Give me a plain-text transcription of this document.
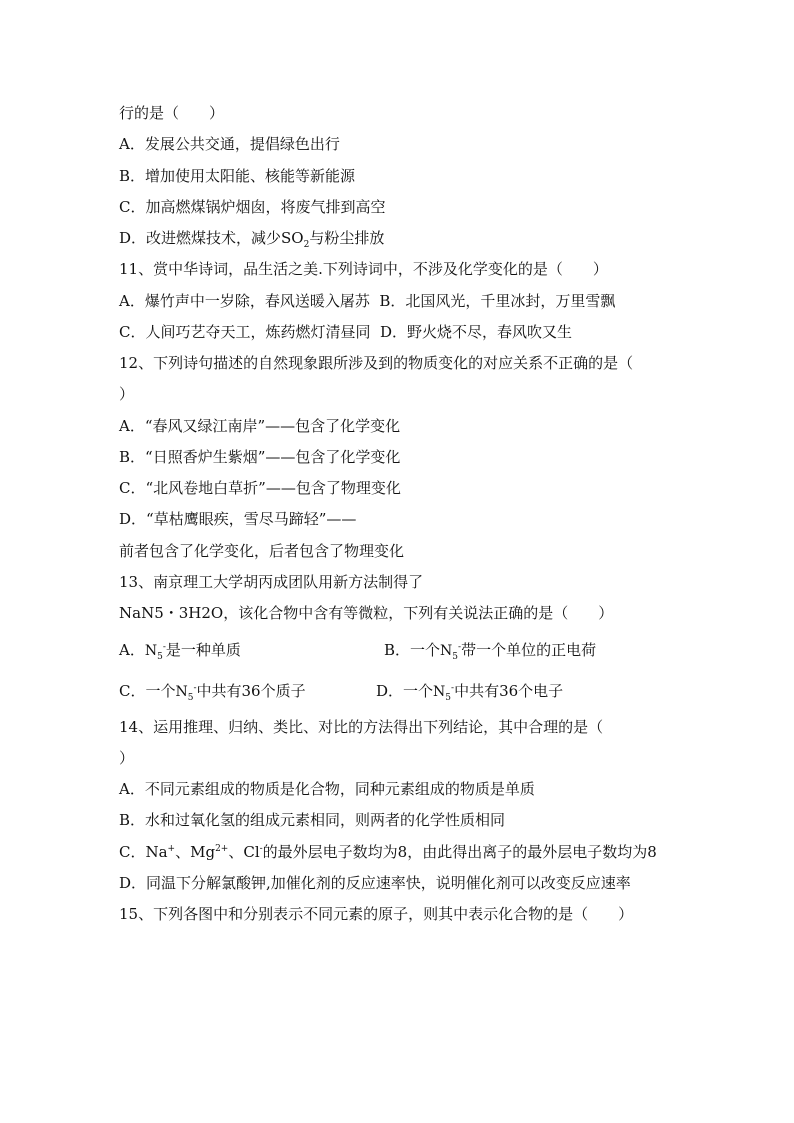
行的是（　　）
A．发展公共交通，提倡绿色出行
B．增加使用太阳能、核能等新能源
C．加高燃煤锅炉烟囱，将废气排到高空
D．改进燃煤技术，减少$SO_2$与粉尘排放
11、赏中华诗词，品生活之美.下列诗词中，不涉及化学变化的是（　　）
A．爆竹声中一岁除，春风送暖入屠苏  B．北国风光，千里冰封，万里雪飘
C．人间巧艺夺天工，炼药燃灯清昼同  D．野火烧不尽，春风吹又生
12、下列诗句描述的自然现象跟所涉及到的物质变化的对应关系不正确的是（
）
A．“春风又绿江南岸”——包含了化学变化
B．“日照香炉生紫烟”——包含了化学变化
C．“北风卷地白草折”——包含了物理变化
D．“草枯鹰眼疾，雪尽马蹄轻”——
前者包含了化学变化，后者包含了物理变化
13、南京理工大学胡丙成团队用新方法制得了
NaN5・3H2O，该化合物中含有等微粒，下列有关说法正确的是（　　）
A．$N_5^-$是一种单质	B．一个$N_5^-$带一个单位的正电荷
C．一个$N_5^-$中共有36个质子	D．一个$N_5^-$中共有36个电子
14、运用推理、归纳、类比、对比的方法得出下列结论，其中合理的是（
）
A．不同元素组成的物质是化合物，同种元素组成的物质是单质
B．水和过氧化氢的组成元素相同，则两者的化学性质相同
C．Na+、$Mg^{2+}$、Cl-的最外层电子数均为8，由此得出离子的最外层电子数均为8
D．同温下分解氯酸钾,加催化剂的反应速率快，说明催化剂可以改变反应速率
15、下列各图中和分别表示不同元素的原子，则其中表示化合物的是（　　）
